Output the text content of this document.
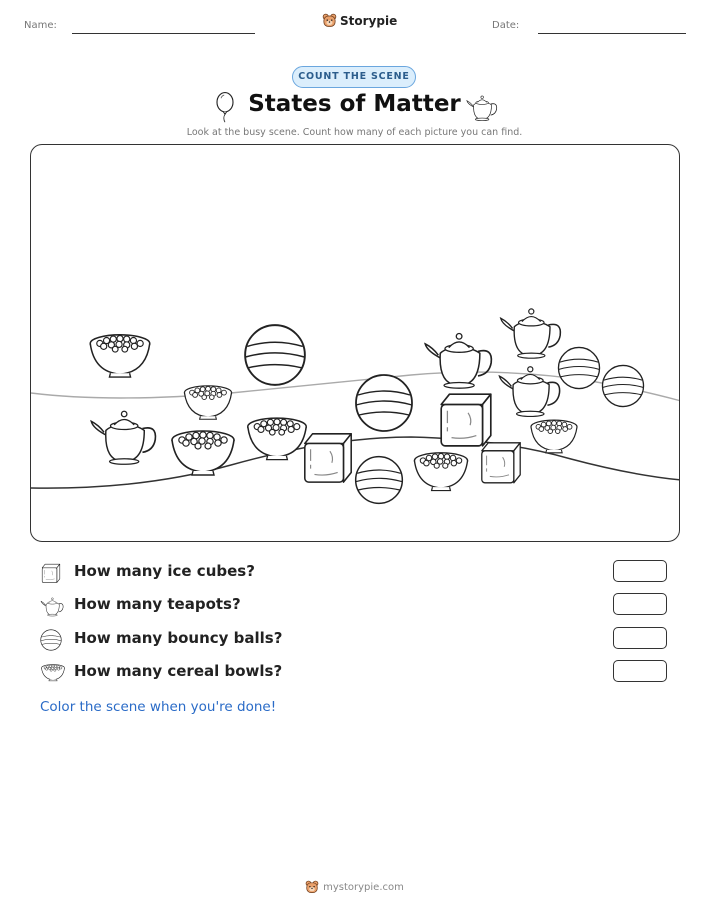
Name:	Storypie	Date:
COUNT THE SCENE
States of Matter
Look at the busy scene. Count how many of each picture you can find.
How many ice cubes?
How many teapots?
How many bouncy balls?
How many cereal bowls?
Color the scene when you're done!
mystorypie.com
